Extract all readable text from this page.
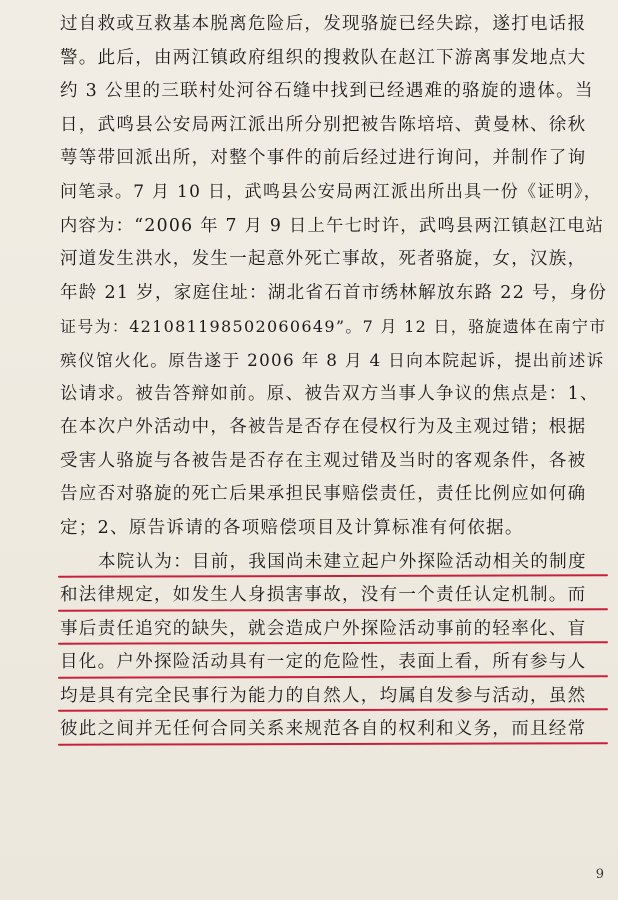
过自救或互救基本脱离危险后，发现骆旋已经失踪，遂打电话报
警。此后，由两江镇政府组织的搜救队在赵江下游离事发地点大
约 3 公里的三联村处河谷石缝中找到已经遇难的骆旋的遗体。当
日，武鸣县公安局两江派出所分别把被告陈培培、黄曼林、徐秋
萼等带回派出所，对整个事件的前后经过进行询问，并制作了询
问笔录。7 月 10 日，武鸣县公安局两江派出所出具一份《证明》，
内容为：“2006 年 7 月 9 日上午七时许，武鸣县两江镇赵江电站
河道发生洪水，发生一起意外死亡事故，死者骆旋，女，汉族，
年龄 21 岁，家庭住址：湖北省石首市绣林解放东路 22 号，身份
证号为：421081198502060649”。7 月 12 日，骆旋遗体在南宁市
殡仪馆火化。原告遂于 2006 年 8 月 4 日向本院起诉，提出前述诉
讼请求。被告答辩如前。原、被告双方当事人争议的焦点是：1、
在本次户外活动中，各被告是否存在侵权行为及主观过错；根据
受害人骆旋与各被告是否存在主观过错及当时的客观条件，各被
告应否对骆旋的死亡后果承担民事赔偿责任，责任比例应如何确
定；2、原告诉请的各项赔偿项目及计算标准有何依据。
本院认为：目前，我国尚未建立起户外探险活动相关的制度
和法律规定，如发生人身损害事故，没有一个责任认定机制。而
事后责任追究的缺失，就会造成户外探险活动事前的轻率化、盲
目化。户外探险活动具有一定的危险性，表面上看，所有参与人
均是具有完全民事行为能力的自然人，均属自发参与活动，虽然
彼此之间并无任何合同关系来规范各自的权利和义务，而且经常
9
